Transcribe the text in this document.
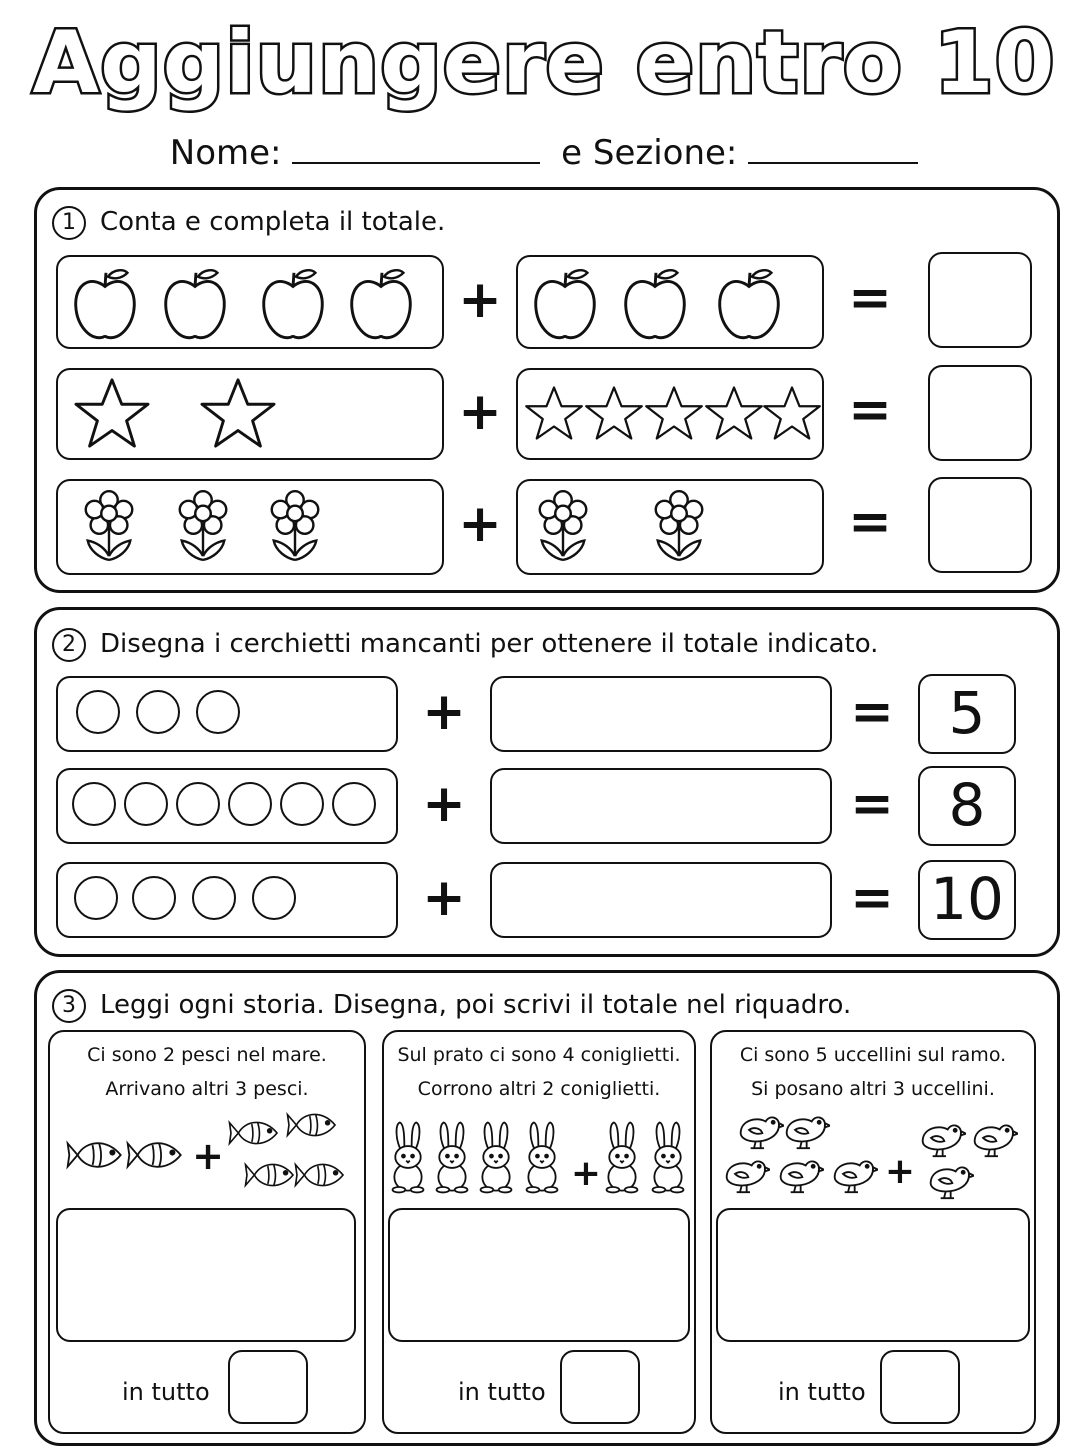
Aggiungere entro 10
Nome:	e Sezione:
1 Conta e completa il totale.
+	=
+	=
+	=
2 Disegna i cerchietti mancanti per ottenere il totale indicato.
+	= 5
+	= 8
+	= 10
3 Leggi ogni storia. Disegna, poi scrivi il totale nel riquadro.
Ci sono 2 pesci nel mare.
Arrivano altri 3 pesci.
+
in tutto
Sul prato ci sono 4 coniglietti.
Corrono altri 2 coniglietti.
+
in tutto
Ci sono 5 uccellini sul ramo.
Si posano altri 3 uccellini.
+
in tutto
